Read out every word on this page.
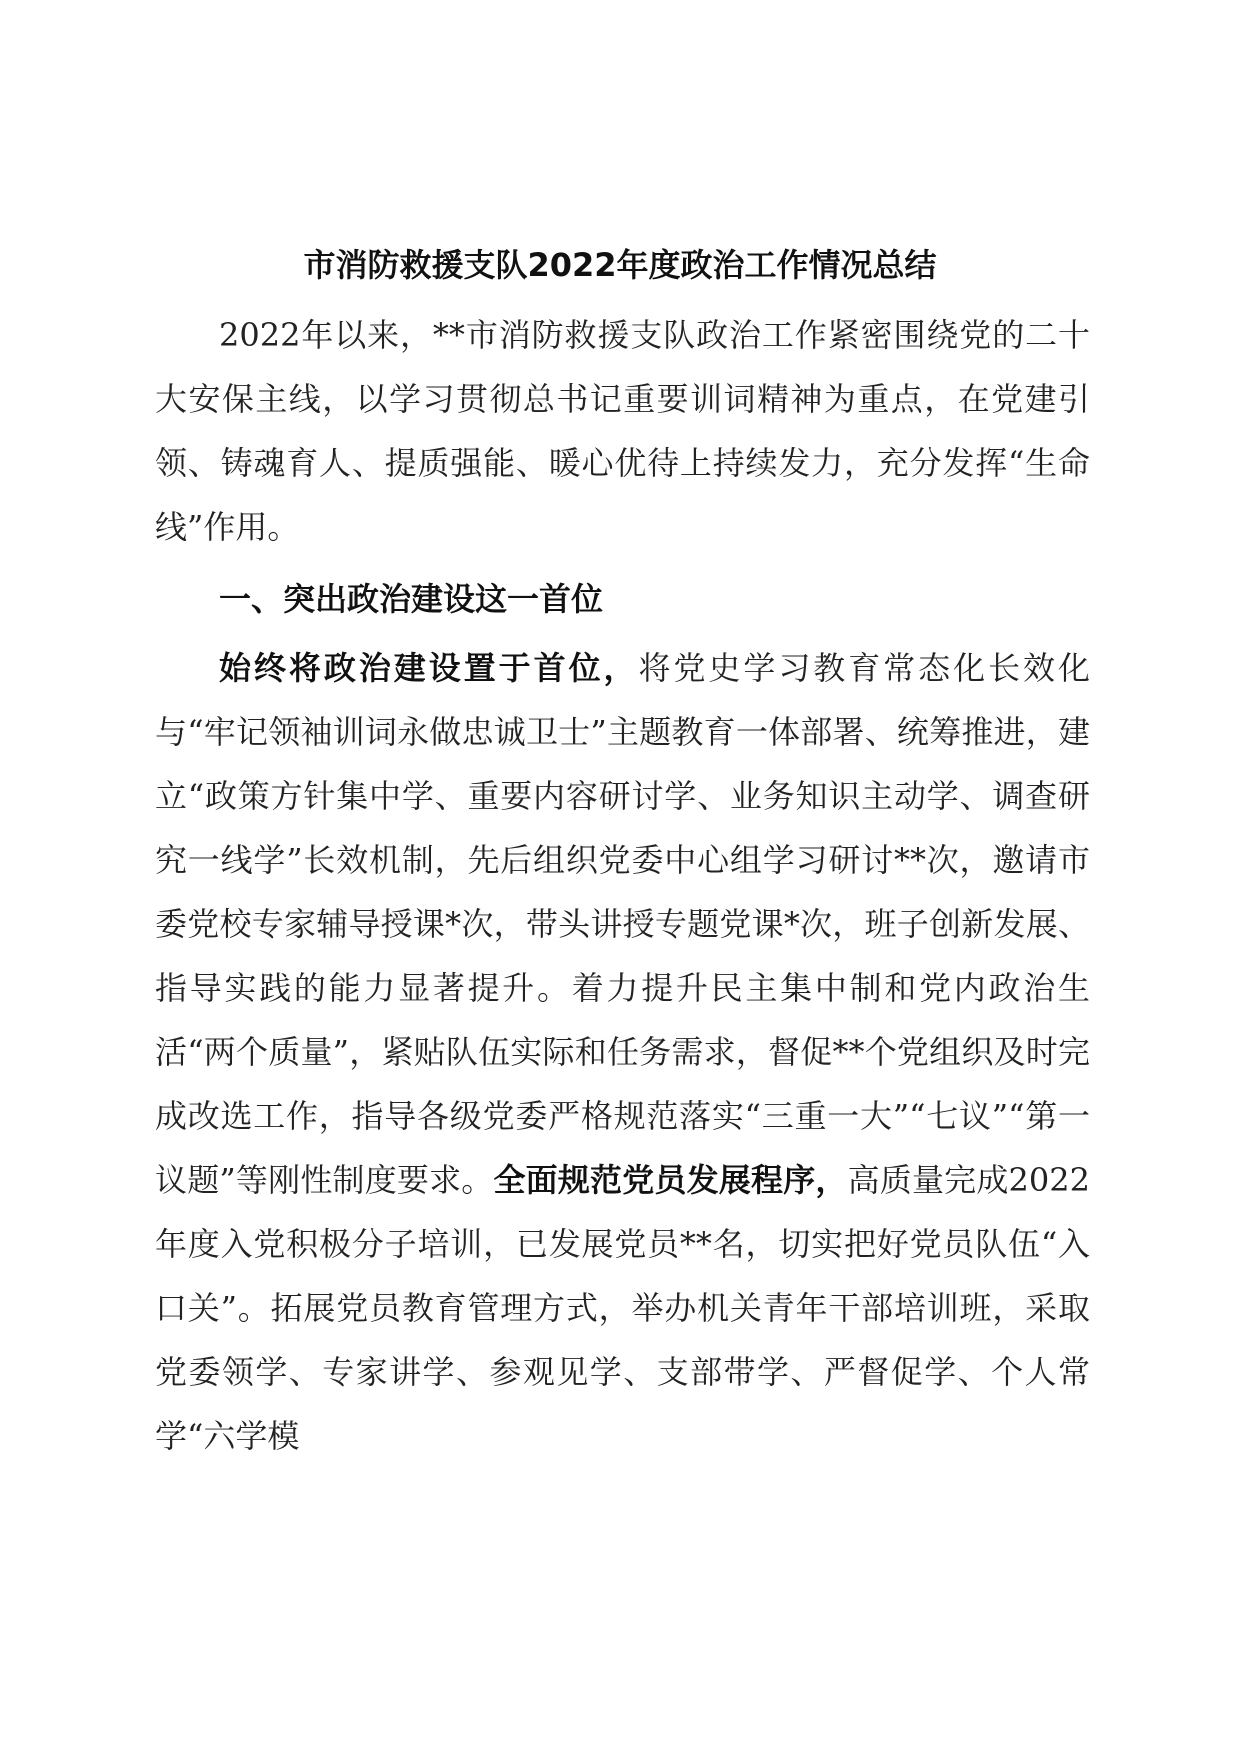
市消防救援支队2022年度政治工作情况总结

2022年以来，**市消防救援支队政治工作紧密围绕党的二十大安保主线，以学习贯彻总书记重要训词精神为重点，在党建引领、铸魂育人、提质强能、暖心优待上持续发力，充分发挥“生命线”作用。

一、突出政治建设这一首位

始终将政治建设置于首位，将党史学习教育常态化长效化与“牢记领袖训词永做忠诚卫士”主题教育一体部署、统筹推进，建立“政策方针集中学、重要内容研讨学、业务知识主动学、调查研究一线学”长效机制，先后组织党委中心组学习研讨**次，邀请市委党校专家辅导授课*次，带头讲授专题党课*次，班子创新发展、指导实践的能力显著提升。着力提升民主集中制和党内政治生活“两个质量”，紧贴队伍实际和任务需求，督促**个党组织及时完成改选工作，指导各级党委严格规范落实“三重一大”“七议”“第一议题”等刚性制度要求。全面规范党员发展程序，高质量完成2022年度入党积极分子培训，已发展党员**名，切实把好党员队伍“入口关”。拓展党员教育管理方式，举办机关青年干部培训班，采取党委领学、专家讲学、参观见学、支部带学、严督促学、个人常学“六学模
